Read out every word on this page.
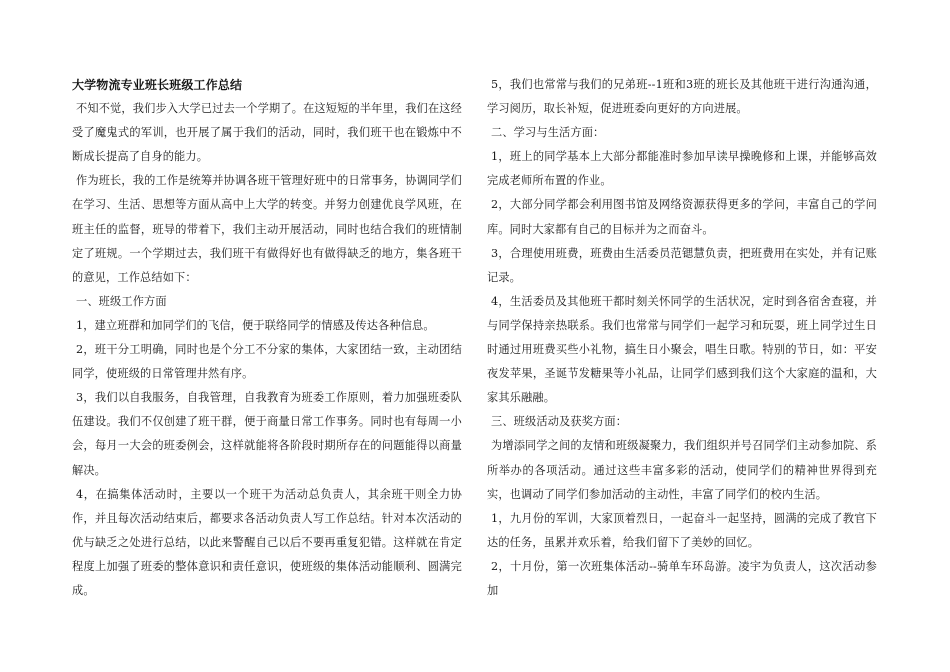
大学物流专业班长班级工作总结

不知不觉，我们步入大学已过去一个学期了。在这短短的半年里，我们在这经受了魔鬼式的军训，也开展了属于我们的活动，同时，我们班干也在锻炼中不断成长提高了自身的能力。

作为班长，我的工作是统筹并协调各班干管理好班中的日常事务，协调同学们在学习、生活、思想等方面从高中上大学的转变。并努力创建优良学风班，在班主任的监督，班导的带着下，我们主动开展活动，同时也结合我们的班情制定了班规。一个学期过去，我们班干有做得好也有做得缺乏的地方，集各班干的意见，工作总结如下：

一、班级工作方面

1，建立班群和加同学们的飞信，便于联络同学的情感及传达各种信息。

2，班干分工明确，同时也是个分工不分家的集体，大家团结一致，主动团结同学，使班级的日常管理井然有序。

3，我们以自我服务，自我管理，自我教育为班委工作原则，着力加强班委队伍建设。我们不仅创建了班干群，便于商量日常工作事务。同时也有每周一小会，每月一大会的班委例会，这样就能将各阶段时期所存在的问题能得以商量解决。

4，在搞集体活动时，主要以一个班干为活动总负责人，其余班干则全力协作，并且每次活动结束后，都要求各活动负责人写工作总结。针对本次活动的优与缺乏之处进行总结，以此来警醒自己以后不要再重复犯错。这样就在肯定程度上加强了班委的整体意识和责任意识，使班级的集体活动能顺利、圆满完成。

5，我们也常常与我们的兄弟班--1班和3班的班长及其他班干进行沟通沟通，学习阅历，取长补短，促进班委向更好的方向进展。

二、学习与生活方面：

1，班上的同学基本上大部分都能准时参加早读早操晚修和上课，并能够高效完成老师所布置的作业。

2，大部分同学都会利用图书馆及网络资源获得更多的学问，丰富自己的学问库。同时大家都有自己的目标并为之而奋斗。

3，合理使用班费，班费由生活委员范锶慧负责，把班费用在实处，并有记账记录。

4，生活委员及其他班干都时刻关怀同学的生活状况，定时到各宿舍查寝，并与同学保持亲热联系。我们也常常与同学们一起学习和玩耍，班上同学过生日时通过用班费买些小礼物，搞生日小聚会，唱生日歌。特别的节日，如：平安夜发苹果，圣诞节发糖果等小礼品，让同学们感到我们这个大家庭的温和，大家其乐融融。

三、班级活动及获奖方面：

为增添同学之间的友情和班级凝聚力，我们组织并号召同学们主动参加院、系所举办的各项活动。通过这些丰富多彩的活动，使同学们的精神世界得到充实，也调动了同学们参加活动的主动性，丰富了同学们的校内生活。

1，九月份的军训，大家顶着烈日，一起奋斗一起坚持，圆满的完成了教官下达的任务，虽累并欢乐着，给我们留下了美妙的回忆。

2，十月份，第一次班集体活动--骑单车环岛游。凌宇为负责人，这次活动参加
